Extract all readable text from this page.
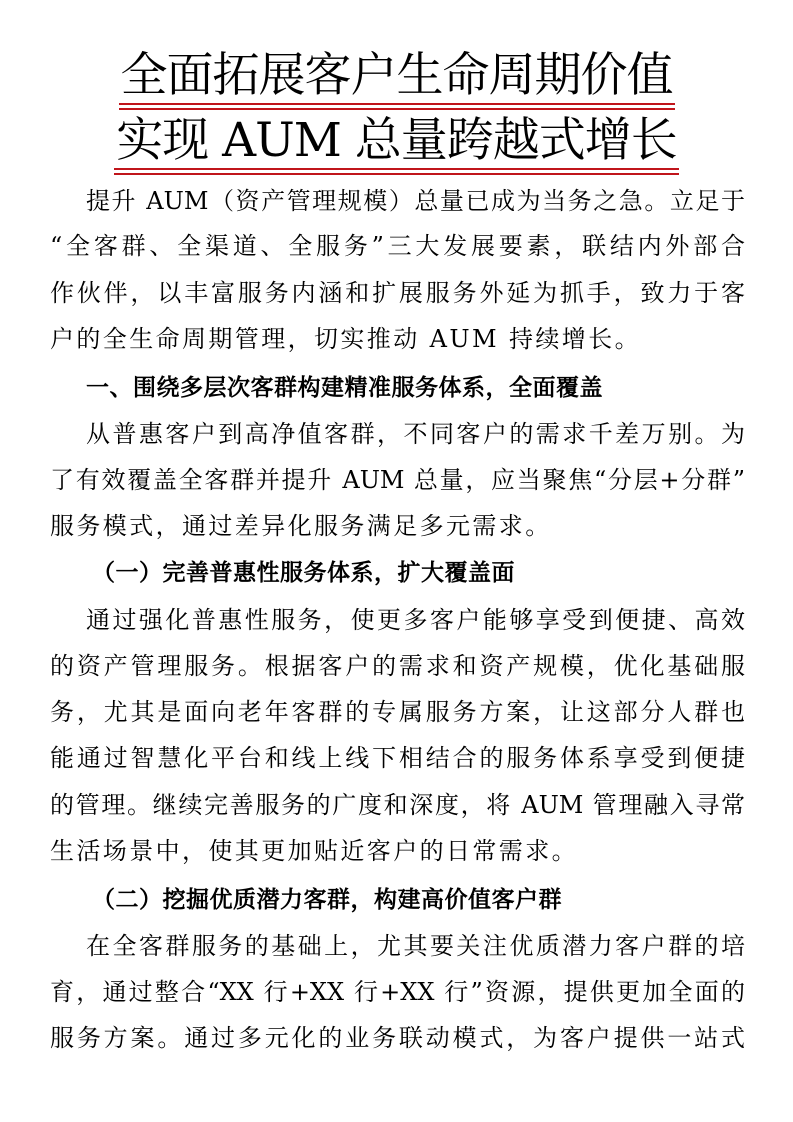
全面拓展客户生命周期价值
实现 AUM 总量跨越式增长
提升 AUM（资产管理规模）总量已成为当务之急。立足于
“全客群、全渠道、全服务”三大发展要素，联结内外部合
作伙伴，以丰富服务内涵和扩展服务外延为抓手，致力于客
户的全生命周期管理，切实推动 AUM 持续增长。
一、围绕多层次客群构建精准服务体系，全面覆盖
从普惠客户到高净值客群，不同客户的需求千差万别。为
了有效覆盖全客群并提升 AUM 总量，应当聚焦“分层+分群”
服务模式，通过差异化服务满足多元需求。
（一）完善普惠性服务体系，扩大覆盖面
通过强化普惠性服务，使更多客户能够享受到便捷、高效
的资产管理服务。根据客户的需求和资产规模，优化基础服
务，尤其是面向老年客群的专属服务方案，让这部分人群也
能通过智慧化平台和线上线下相结合的服务体系享受到便捷
的管理。继续完善服务的广度和深度，将 AUM 管理融入寻常
生活场景中，使其更加贴近客户的日常需求。
（二）挖掘优质潜力客群，构建高价值客户群
在全客群服务的基础上，尤其要关注优质潜力客户群的培
育，通过整合“XX 行+XX 行+XX 行”资源，提供更加全面的
服务方案。通过多元化的业务联动模式，为客户提供一站式
